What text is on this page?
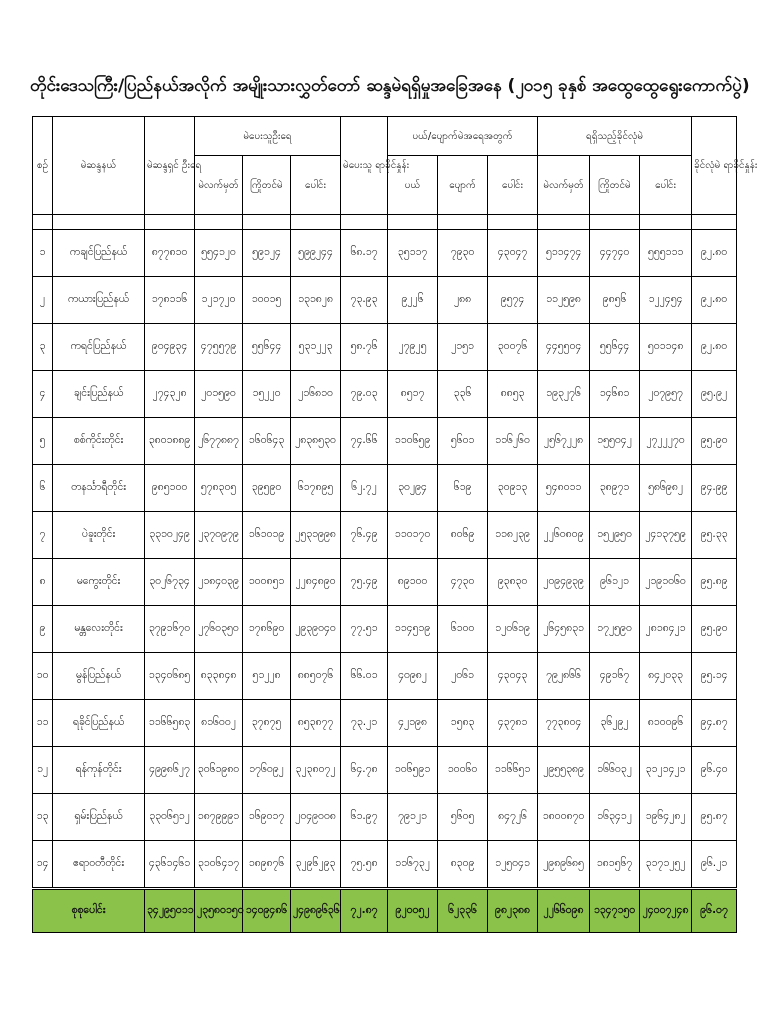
တိုင်းဒေသကြီး/ပြည်နယ်အလိုက် အမျိုးသားလွှတ်တော် ဆန္ဒမဲရရှိမှုအခြေအနေ (၂၀၁၅ ခုနှစ် အထွေထွေရွေးကောက်ပွဲ)
စဉ်	မဲဆန္ဒနယ်	မဲဆန္ဒရှင် ဦးရေ	မဲပေးသူဦးရေ			မဲပေးသူ ရာခိုင်နှုန်း	ပယ်/ပျောက်မဲအရေအတွက်			ရရှိသည့်ခိုင်လုံမဲ			ခိုင်လုံမဲ ရာခိုင်နှုန်း
			မဲလက်မှတ်	ကြိုတင်မဲ	ပေါင်း		ပယ်	ပျောက်	ပေါင်း	မဲလက်မှတ်	ကြိုတင်မဲ	ပေါင်း	

၁	ကချင်ပြည်နယ်	၈၇၇၈၁၀	၅၅၄၁၂၀	၅၉၁၂၄	၅၉၉၂၄၄	၆၈.၁၇	၃၅၁၁၇	၇၉၃၀	၄၃၀၄၇	၅၁၁၄၇၄	၄၄၇၄၀	၅၅၅၁၁၁	၉၂.၈၀
၂	ကယားပြည်နယ်	၁၇၈၁၁၆	၁၂၁၇၂၀	၁၀၀၁၅	၁၃၁၈၂၈	၇၃.၉၃	၉၂၂၆	၂၈၈	၉၅၇၄	၁၁၂၅၉၈	၉၈၅၆	၁၂၂၄၅၄	၉၂.၈၀
၃	ကရင်ပြည်နယ်	၉၀၄၉၃၄	၄၇၅၅၇၉	၅၅၆၄၄	၅၃၁၂၂၃	၅၈.၇၆	၂၇၉၂၅	၂၁၅၁	၃၀၀၇၆	၄၄၅၅၀၄	၅၅၆၄၄	၅၀၁၁၄၈	၉၂.၈၀
၄	ချင်းပြည်နယ်	၂၇၄၃၂၈	၂၀၁၅၉၀	၁၅၂၂၀	၂၁၆၈၁၀	၇၉.၀၃	၈၅၁၇	၃၃၆	၈၈၅၃	၁၉၃၂၇၆	၁၄၆၈၁	၂၀၇၉၅၇	၉၅.၉၂
၅	စစ်ကိုင်းတိုင်း	၃၈၀၁၈၈၉	၂၆၇၇၈၈၇	၁၆၀၆၄၃	၂၈၃၈၅၃၀	၇၄.၆၆	၁၁၀၆၅၉	၅၆၀၁	၁၁၆၂၆၀	၂၅၆၇၂၂၈	၁၅၅၀၄၂	၂၇၂၂၂၇၀	၉၅.၉၀
၆	တနင်္သာရီတိုင်း	၉၈၅၁၀၀	၅၇၈၃၀၅	၃၉၅၉၀	၆၁၇၈၉၅	၆၂.၇၂	၃၀၂၉၄	၆၁၉	၃၀၉၁၃	၅၄၈၀၁၁	၃၈၉၇၁	၅၈၆၉၈၂	၉၄.၉၉
၇	ပဲခူးတိုင်း	၃၃၁၀၂၄၉	၂၃၇၀၉၇၉	၁၆၁၀၁၉	၂၅၃၁၉၉၈	၇၆.၄၉	၁၁၀၁၇၀	၈၀၆၉	၁၁၈၂၃၉	၂၂၆၀၈၀၉	၁၅၂၉၅၀	၂၄၁၃၇၅၉	၉၅.၃၃
၈	မကွေးတိုင်း	၃၀၂၆၇၃၄	၂၁၈၄၀၃၉	၁၀၀၈၅၁	၂၂၈၄၈၉၀	၇၅.၄၉	၈၉၁၀၀	၄၇၃၀	၉၃၈၃၀	၂၀၉၄၉၃၉	၉၆၁၂၁	၂၁၉၁၀၆၀	၉၅.၈၉
၉	မန္တလေးတိုင်း	၃၇၉၁၆၇၀	၂၇၆၀၃၅၀	၁၇၈၆၉၀	၂၉၃၉၀၄၀	၇၇.၅၁	၁၁၄၅၁၉	၆၁၀၀	၁၂၀၆၁၉	၂၆၄၅၈၃၁	၁၇၂၅၉၀	၂၈၁၈၄၂၁	၉၅.၉၀
၁၀	မွန်ပြည်နယ်	၁၃၄၀၆၈၅	၈၃၃၈၄၈	၅၁၂၂၈	၈၈၅၀၇၆	၆၆.၀၁	၄၀၉၈၂	၂၀၆၁	၄၃၀၄၃	၇၉၂၈၆၆	၄၉၁၆၇	၈၄၂၀၃၃	၉၅.၁၄
၁၁	ရခိုင်ပြည်နယ်	၁၁၆၆၅၈၃	၈၁၆၀၀၂	၃၇၈၇၅	၈၅၃၈၇၇	၇၃.၂၁	၄၂၁၉၈	၁၅၈၃	၄၃၇၈၁	၇၇၃၈၀၄	၃၆၂၉၂	၈၁၀၀၉၆	၉၄.၈၇
၁၂	ရန်ကုန်တိုင်း	၄၉၉၈၆၂၇	၃၀၆၁၉၈၀	၁၇၆၀၉၂	၃၂၃၈၀၇၂	၆၄.၇၈	၁၀၆၅၉၁	၁၀၀၆၀	၁၁၆၆၅၁	၂၉၅၅၃၈၉	၁၆၆၀၃၂	၃၁၂၁၄၂၁	၉၆.၄၀
၁၃	ရှမ်းပြည်နယ်	၃၃၀၆၅၁၂	၁၈၇၉၉၉၁	၁၆၉၀၁၇	၂၀၄၉၀၀၈	၆၁.၉၇	၇၉၁၂၁	၅၆၀၅	၈၄၇၂၆	၁၈၀၀၈၇၀	၁၆၃၄၁၂	၁၉၆၄၂၈၂	၉၅.၈၇
၁၄	ဧရာဝတီတိုင်း	၄၃၆၁၄၆၁	၃၁၀၆၄၁၇	၁၈၉၈၇၆	၃၂၉၆၂၉၃	၇၅.၅၈	၁၁၆၇၃၂	၈၃၀၉	၁၂၅၀၄၁	၂၉၈၉၆၈၅	၁၈၁၅၆၇	၃၁၇၁၂၅၂	၉၆.၂၁
စုစုပေါင်း		၃၄၂၉၅၀၁၁	၂၃၅၈၀၁၅၀	၁၄၀၉၄၈၆	၂၄၉၈၉၆၃၆	၇၂.၈၇	၉၂၀၀၅၂	၆၂၃၃၆	၉၈၂၃၈၈	၂၂၆၆၀၉၈	၁၃၄၇၁၅၀	၂၄၀၀၇၂၄၈	၉၆.၀၇
